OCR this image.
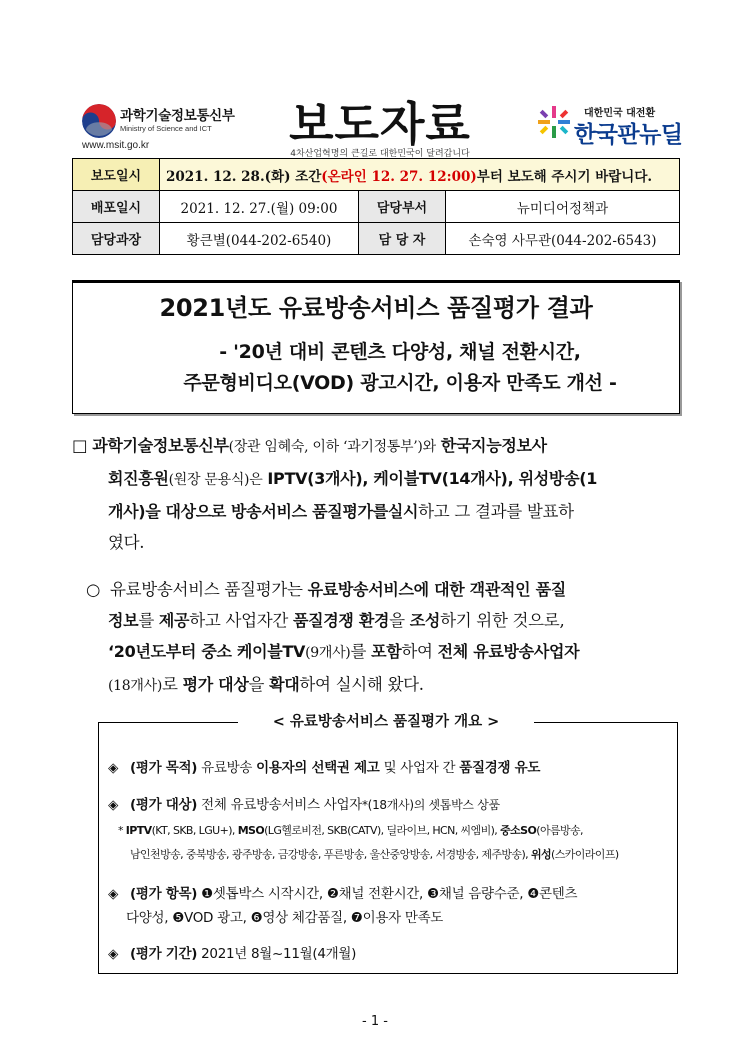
과학기술정보통신부
Ministry of Science and ICT
www.msit.go.kr	보도자료
4차산업혁명의 큰길로 대한민국이 달려갑니다
대한민국 대전환
한국판뉴딜
보도일시	2021. 12. 28.(화) 조간(온라인 12. 27. 12:00)부터 보도해 주시기 바랍니다.		
배포일시	2021. 12. 27.(월) 09:00	담당부서	뉴미디어정책과
담당과장	황큰별(044-202-6540)	담 당 자	손숙영 사무관(044-202-6543)
2021년도 유료방송서비스 품질평가 결과
- '20년 대비 콘텐츠 다양성, 채널 전환시간,
주문형비디오(VOD) 광고시간, 이용자 만족도 개선 -
□ 과학기술정보통신부(장관 임혜숙, 이하 ‘과기정통부’)와 한국지능정보사
회진흥원(원장 문용식)은 IPTV(3개사), 케이블TV(14개사), 위성방송(1
개사)을 대상으로 방송서비스 품질평가를실시하고 그 결과를 발표하
였다.
○ 유료방송서비스 품질평가는 유료방송서비스에 대한 객관적인 품질
정보를 제공하고 사업자간 품질경쟁 환경을 조성하기 위한 것으로,
‘20년도부터 중소 케이블TV(9개사)를 포함하여 전체 유료방송사업자
(18개사)로 평가 대상을 확대하여 실시해 왔다.
< 유료방송서비스 품질평가 개요 >
◈ (평가 목적) 유료방송 이용자의 선택권 제고 및 사업자 간 품질경쟁 유도
◈ (평가 대상) 전체 유료방송서비스 사업자*(18개사)의 셋톱박스 상품
* IPTV(KT, SKB, LGU+), MSO(LG헬로비전, SKB(CATV), 딜라이브, HCN, 씨엠비), 중소SO(아름방송,
남인천방송, 중북방송, 광주방송, 금강방송, 푸른방송, 울산중앙방송, 서경방송, 제주방송), 위성(스카이라이프)
◈ (평가 항목) ❶셋톱박스 시작시간, ❷채널 전환시간, ❸채널 음량수준, ❹콘텐츠
다양성, ❺VOD 광고, ❻영상 체감품질, ❼이용자 만족도
◈ (평가 기간) 2021년 8월~11월(4개월)
- 1 -
